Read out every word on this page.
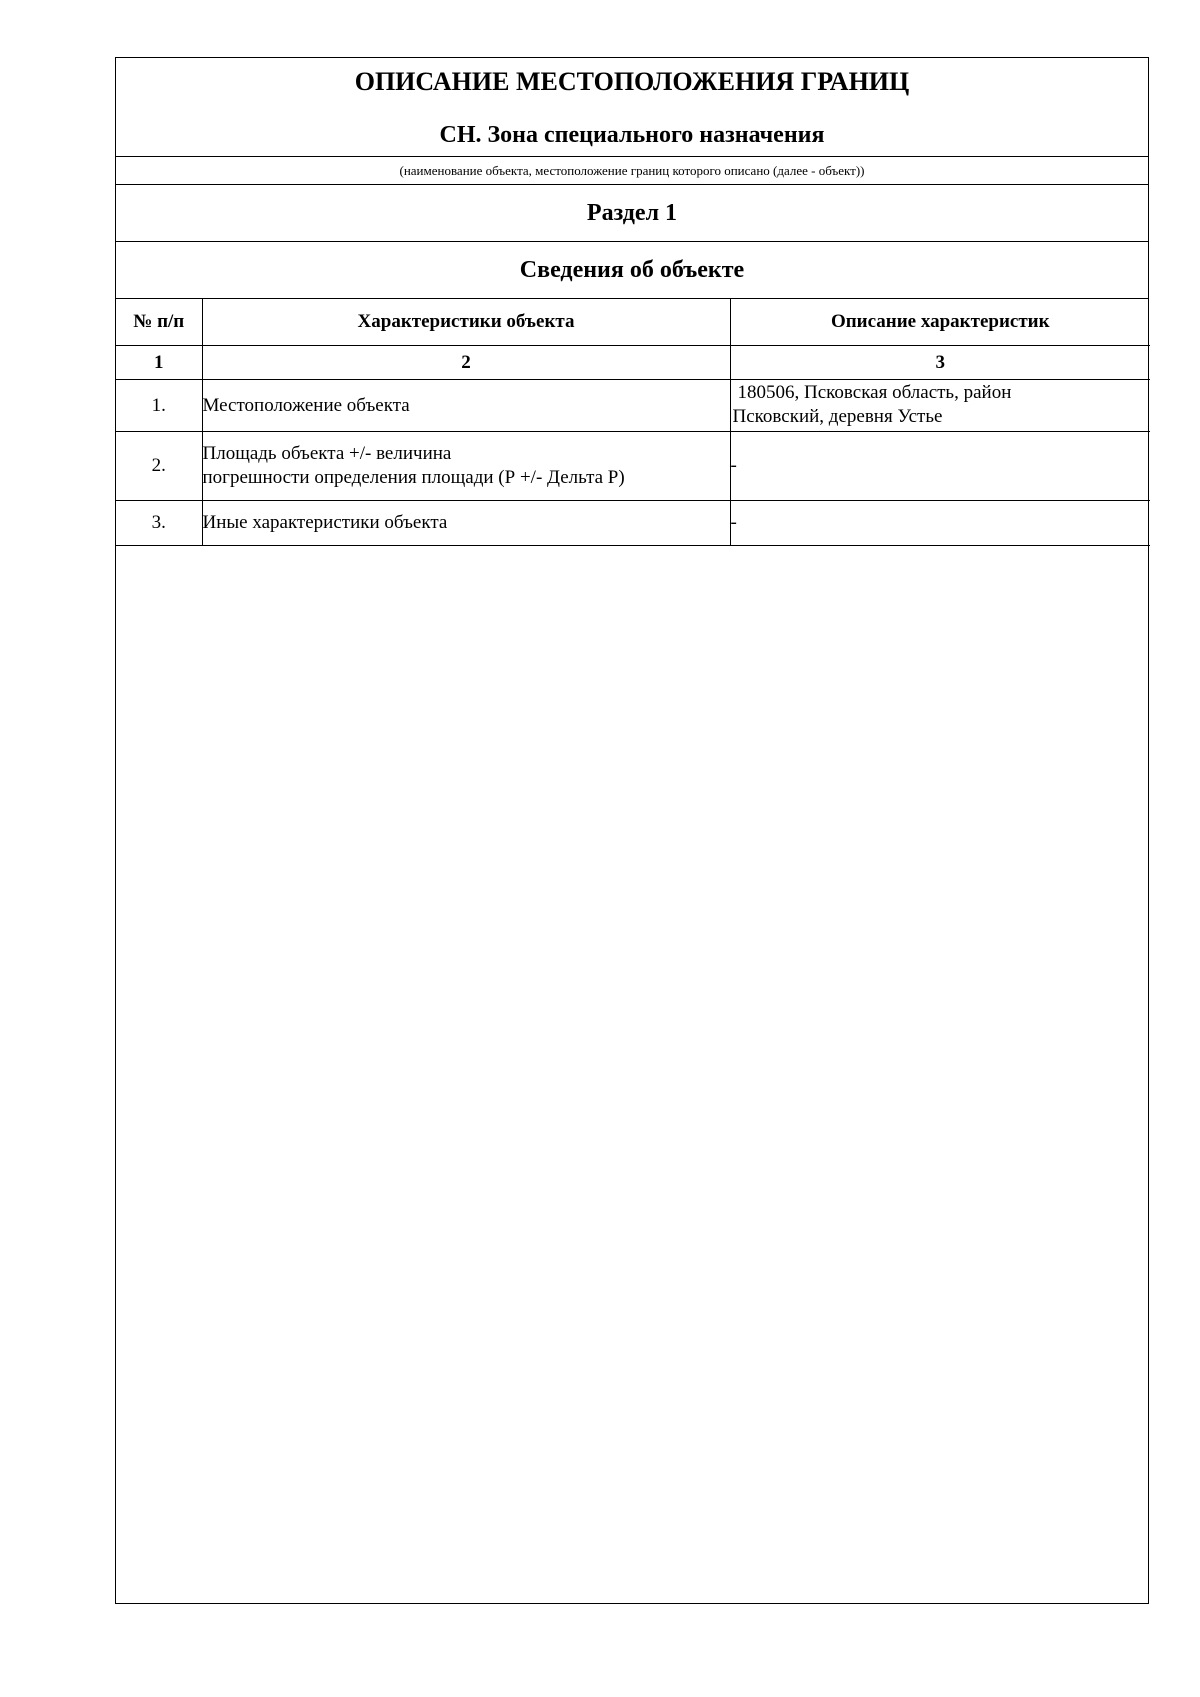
ОПИСАНИЕ МЕСТОПОЛОЖЕНИЯ ГРАНИЦ
СН. Зона специального назначения
(наименование объекта, местоположение границ которого описано (далее - объект))
Раздел 1
Сведения об объекте
№ п/п	Характеристики объекта	Описание характеристик
1	2	3
1.	Местоположение объекта	180506, Псковская область, район
Псковский, деревня Устье

2.	Площадь объекта +/- величина
погрешности определения площади (Р +/- Дельта Р)	-

3.	Иные характеристики объекта	-
